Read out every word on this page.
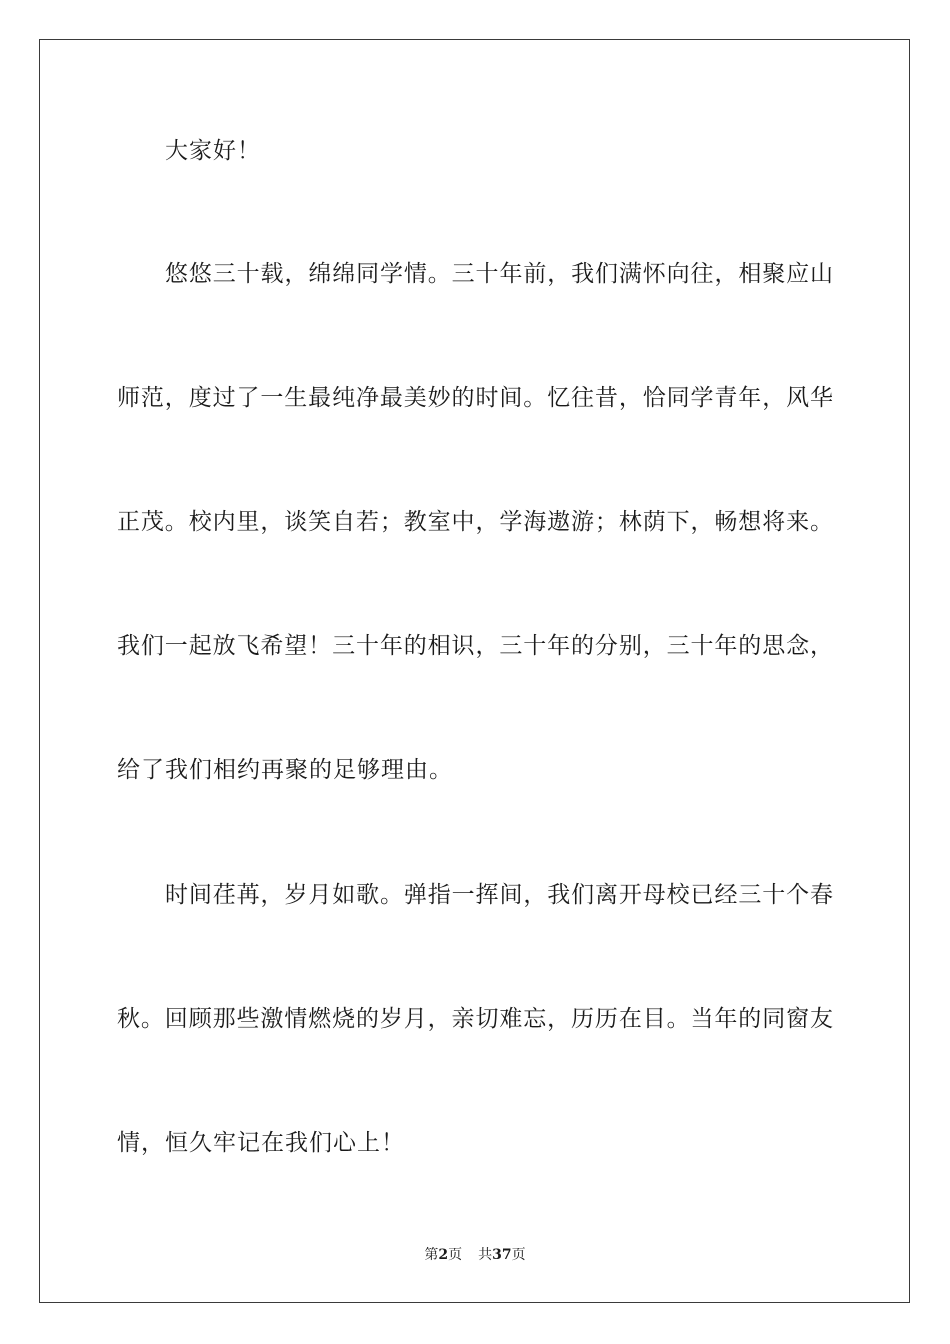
大家好！
悠悠三十载，绵绵同学情。三十年前，我们满怀向往，相聚应山
师范，度过了一生最纯净最美妙的时间。忆往昔，恰同学青年，风华
正茂。校内里，谈笑自若；教室中，学海遨游；林荫下，畅想将来。
我们一起放飞希望！三十年的相识，三十年的分别，三十年的思念，
给了我们相约再聚的足够理由。
时间荏苒，岁月如歌。弹指一挥间，我们离开母校已经三十个春
秋。回顾那些激情燃烧的岁月，亲切难忘，历历在目。当年的同窗友
情，恒久牢记在我们心上！
第2页 共37页
